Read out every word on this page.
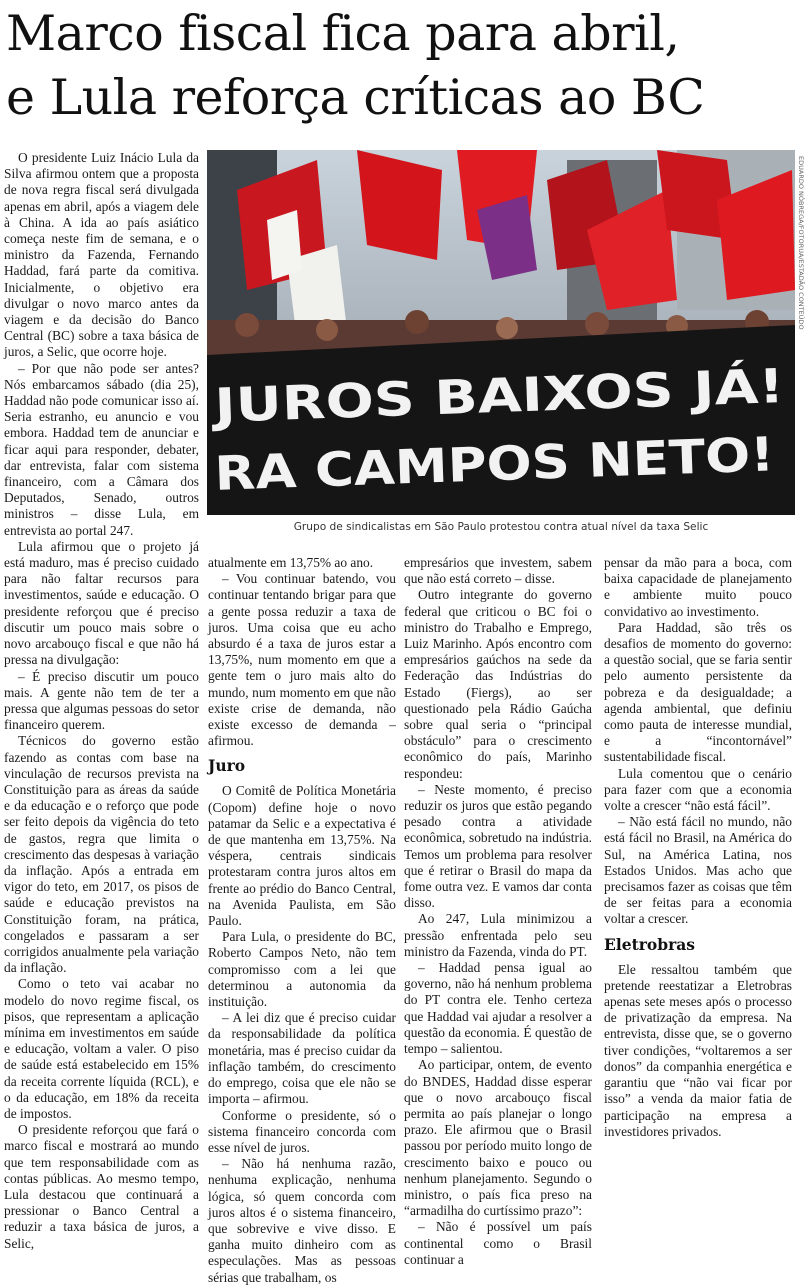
Marco fiscal fica para abril,
e Lula reforça críticas ao BC

O presidente Luiz Inácio Lula da Silva afirmou ontem que a proposta de nova regra fiscal será divulgada apenas em abril, após a viagem dele à China. A ida ao país asiático começa neste fim de semana, e o ministro da Fazenda, Fernando Haddad, fará parte da comitiva. Inicialmente, o objetivo era divulgar o novo marco antes da viagem e da decisão do Banco Central (BC) sobre a taxa básica de juros, a Selic, que ocorre hoje.

– Por que não pode ser antes? Nós embarcamos sábado (dia 25), Haddad não pode comunicar isso aí. Seria estranho, eu anuncio e vou embora. Haddad tem de anunciar e ficar aqui para responder, debater, dar entrevista, falar com sistema financeiro, com a Câmara dos Deputados, Senado, outros ministros – disse Lula, em entrevista ao portal 247.

Lula afirmou que o projeto já está maduro, mas é preciso cuidado para não faltar recursos para investimentos, saúde e educação. O presidente reforçou que é preciso discutir um pouco mais sobre o novo arcabouço fiscal e que não há pressa na divulgação:

– É preciso discutir um pouco mais. A gente não tem de ter a pressa que algumas pessoas do setor financeiro querem.

Técnicos do governo estão fazendo as contas com base na vinculação de recursos prevista na Constituição para as áreas da saúde e da educação e o reforço que pode ser feito depois da vigência do teto de gastos, regra que limita o crescimento das despesas à variação da inflação. Após a entrada em vigor do teto, em 2017, os pisos de saúde e educação previstos na Constituição foram, na prática, congelados e passaram a ser corrigidos anualmente pela variação da inflação.

Como o teto vai acabar no modelo do novo regime fiscal, os pisos, que representam a aplicação mínima em investimentos em saúde e educação, voltam a valer. O piso de saúde está estabelecido em 15% da receita corrente líquida (RCL), e o da educação, em 18% da receita de impostos.

O presidente reforçou que fará o marco fiscal e mostrará ao mundo que tem responsabilidade com as contas públicas. Ao mesmo tempo, Lula destacou que continuará a pressionar o Banco Central a reduzir a taxa básica de juros, a Selic,

JUROS BAIXOS JÁ!
RA CAMPOS NETO!
EDUARDO NÓBREGA/FOTORUA/ESTADÃO CONTEÚDO
Grupo de sindicalistas em São Paulo protestou contra atual nível da taxa Selic

atualmente em 13,75% ao ano.

– Vou continuar batendo, vou continuar tentando brigar para que a gente possa reduzir a taxa de juros. Uma coisa que eu acho absurdo é a taxa de juros estar a 13,75%, num momento em que a gente tem o juro mais alto do mundo, num momento em que não existe crise de demanda, não existe excesso de demanda – afirmou.

Juro

O Comitê de Política Monetária (Copom) define hoje o novo patamar da Selic e a expectativa é de que mantenha em 13,75%. Na véspera, centrais sindicais protestaram contra juros altos em frente ao prédio do Banco Central, na Avenida Paulista, em São Paulo.

Para Lula, o presidente do BC, Roberto Campos Neto, não tem compromisso com a lei que determinou a autonomia da instituição.

– A lei diz que é preciso cuidar da responsabilidade da política monetária, mas é preciso cuidar da inflação também, do crescimento do emprego, coisa que ele não se importa – afirmou.

Conforme o presidente, só o sistema financeiro concorda com esse nível de juros.

– Não há nenhuma razão, nenhuma explicação, nenhuma lógica, só quem concorda com juros altos é o sistema financeiro, que sobrevive e vive disso. E ganha muito dinheiro com as especulações. Mas as pessoas sérias que trabalham, os

empresários que investem, sabem que não está correto – disse.

Outro integrante do governo federal que criticou o BC foi o ministro do Trabalho e Emprego, Luiz Marinho. Após encontro com empresários gaúchos na sede da Federação das Indústrias do Estado (Fiergs), ao ser questionado pela Rádio Gaúcha sobre qual seria o “principal obstáculo” para o crescimento econômico do país, Marinho respondeu:

– Neste momento, é preciso reduzir os juros que estão pegando pesado contra a atividade econômica, sobretudo na indústria. Temos um problema para resolver que é retirar o Brasil do mapa da fome outra vez. E vamos dar conta disso.

Ao 247, Lula minimizou a pressão enfrentada pelo seu ministro da Fazenda, vinda do PT.

– Haddad pensa igual ao governo, não há nenhum problema do PT contra ele. Tenho certeza que Haddad vai ajudar a resolver a questão da economia. É questão de tempo – salientou.

Ao participar, ontem, de evento do BNDES, Haddad disse esperar que o novo arcabouço fiscal permita ao país planejar o longo prazo. Ele afirmou que o Brasil passou por período muito longo de crescimento baixo e pouco ou nenhum planejamento. Segundo o ministro, o país fica preso na “armadilha do curtíssimo prazo”:

– Não é possível um país continental como o Brasil continuar a

pensar da mão para a boca, com baixa capacidade de planejamento e ambiente muito pouco convidativo ao investimento.

Para Haddad, são três os desafios de momento do governo: a questão social, que se faria sentir pelo aumento persistente da pobreza e da desigualdade; a agenda ambiental, que definiu como pauta de interesse mundial, e a “incontornável” sustentabilidade fiscal.

Lula comentou que o cenário para fazer com que a economia volte a crescer “não está fácil”.

– Não está fácil no mundo, não está fácil no Brasil, na América do Sul, na América Latina, nos Estados Unidos. Mas acho que precisamos fazer as coisas que têm de ser feitas para a economia voltar a crescer.

Eletrobras

Ele ressaltou também que pretende reestatizar a Eletrobras apenas sete meses após o processo de privatização da empresa. Na entrevista, disse que, se o governo tiver condições, “voltaremos a ser donos” da companhia energética e garantiu que “não vai ficar por isso” a venda da maior fatia de participação na empresa a investidores privados.
